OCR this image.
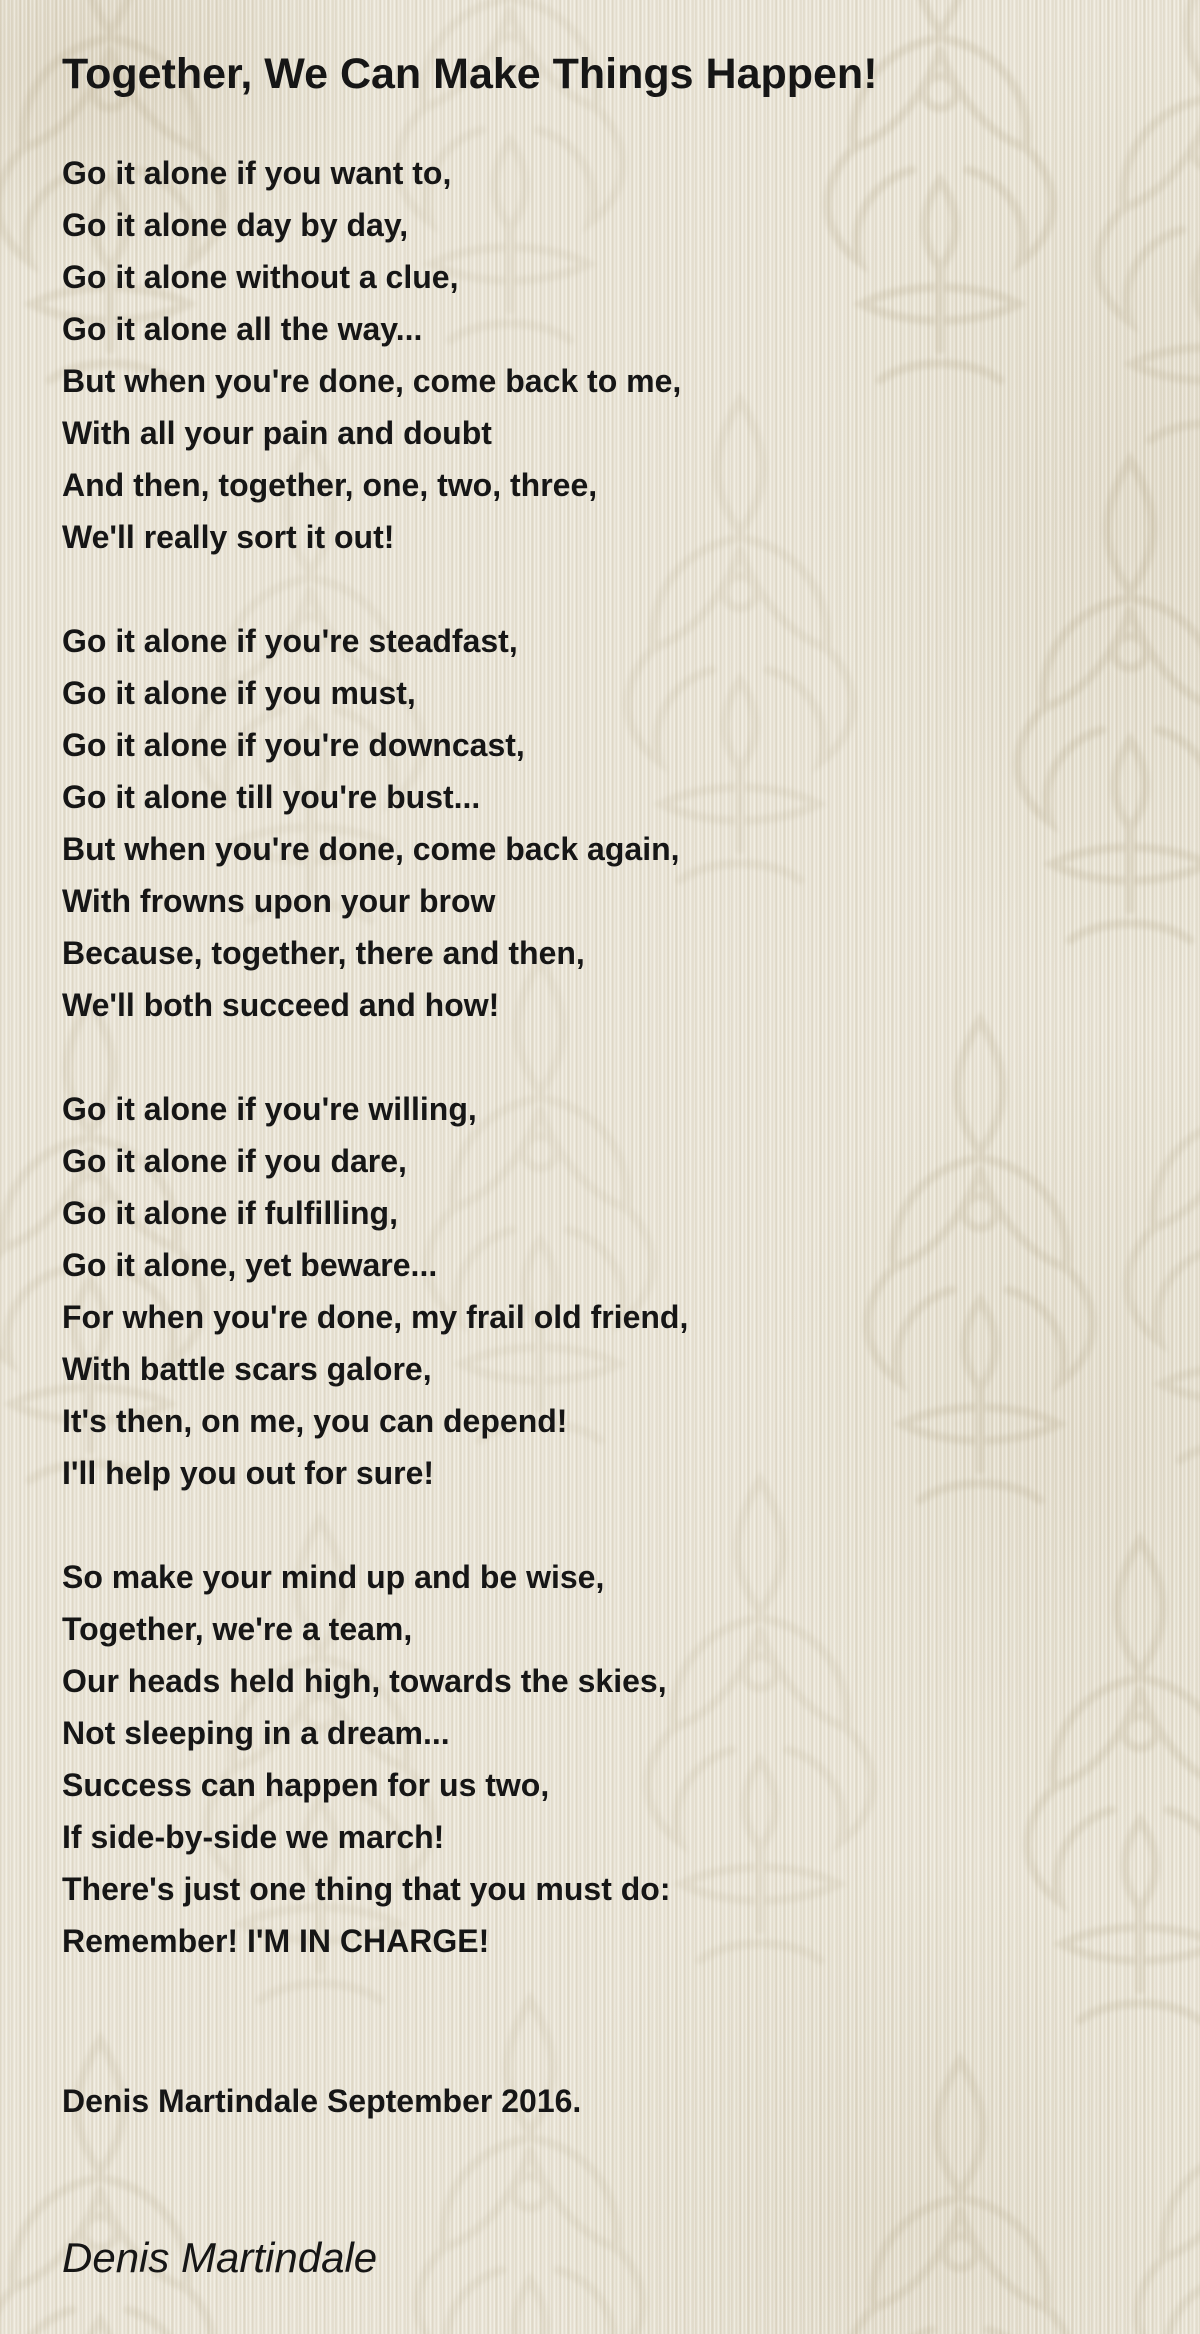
Together, We Can Make Things Happen!
Go it alone if you want to,
Go it alone day by day,
Go it alone without a clue,
Go it alone all the way...
But when you're done, come back to me,
With all your pain and doubt
And then, together, one, two, three,
We'll really sort it out!
Go it alone if you're steadfast,
Go it alone if you must,
Go it alone if you're downcast,
Go it alone till you're bust...
But when you're done, come back again,
With frowns upon your brow
Because, together, there and then,
We'll both succeed and how!
Go it alone if you're willing,
Go it alone if you dare,
Go it alone if fulfilling,
Go it alone, yet beware...
For when you're done, my frail old friend,
With battle scars galore,
It's then, on me, you can depend!
I'll help you out for sure!
So make your mind up and be wise,
Together, we're a team,
Our heads held high, towards the skies,
Not sleeping in a dream...
Success can happen for us two,
If side-by-side we march!
There's just one thing that you must do:
Remember! I'M IN CHARGE!

Denis Martindale September 2016.

Denis Martindale
